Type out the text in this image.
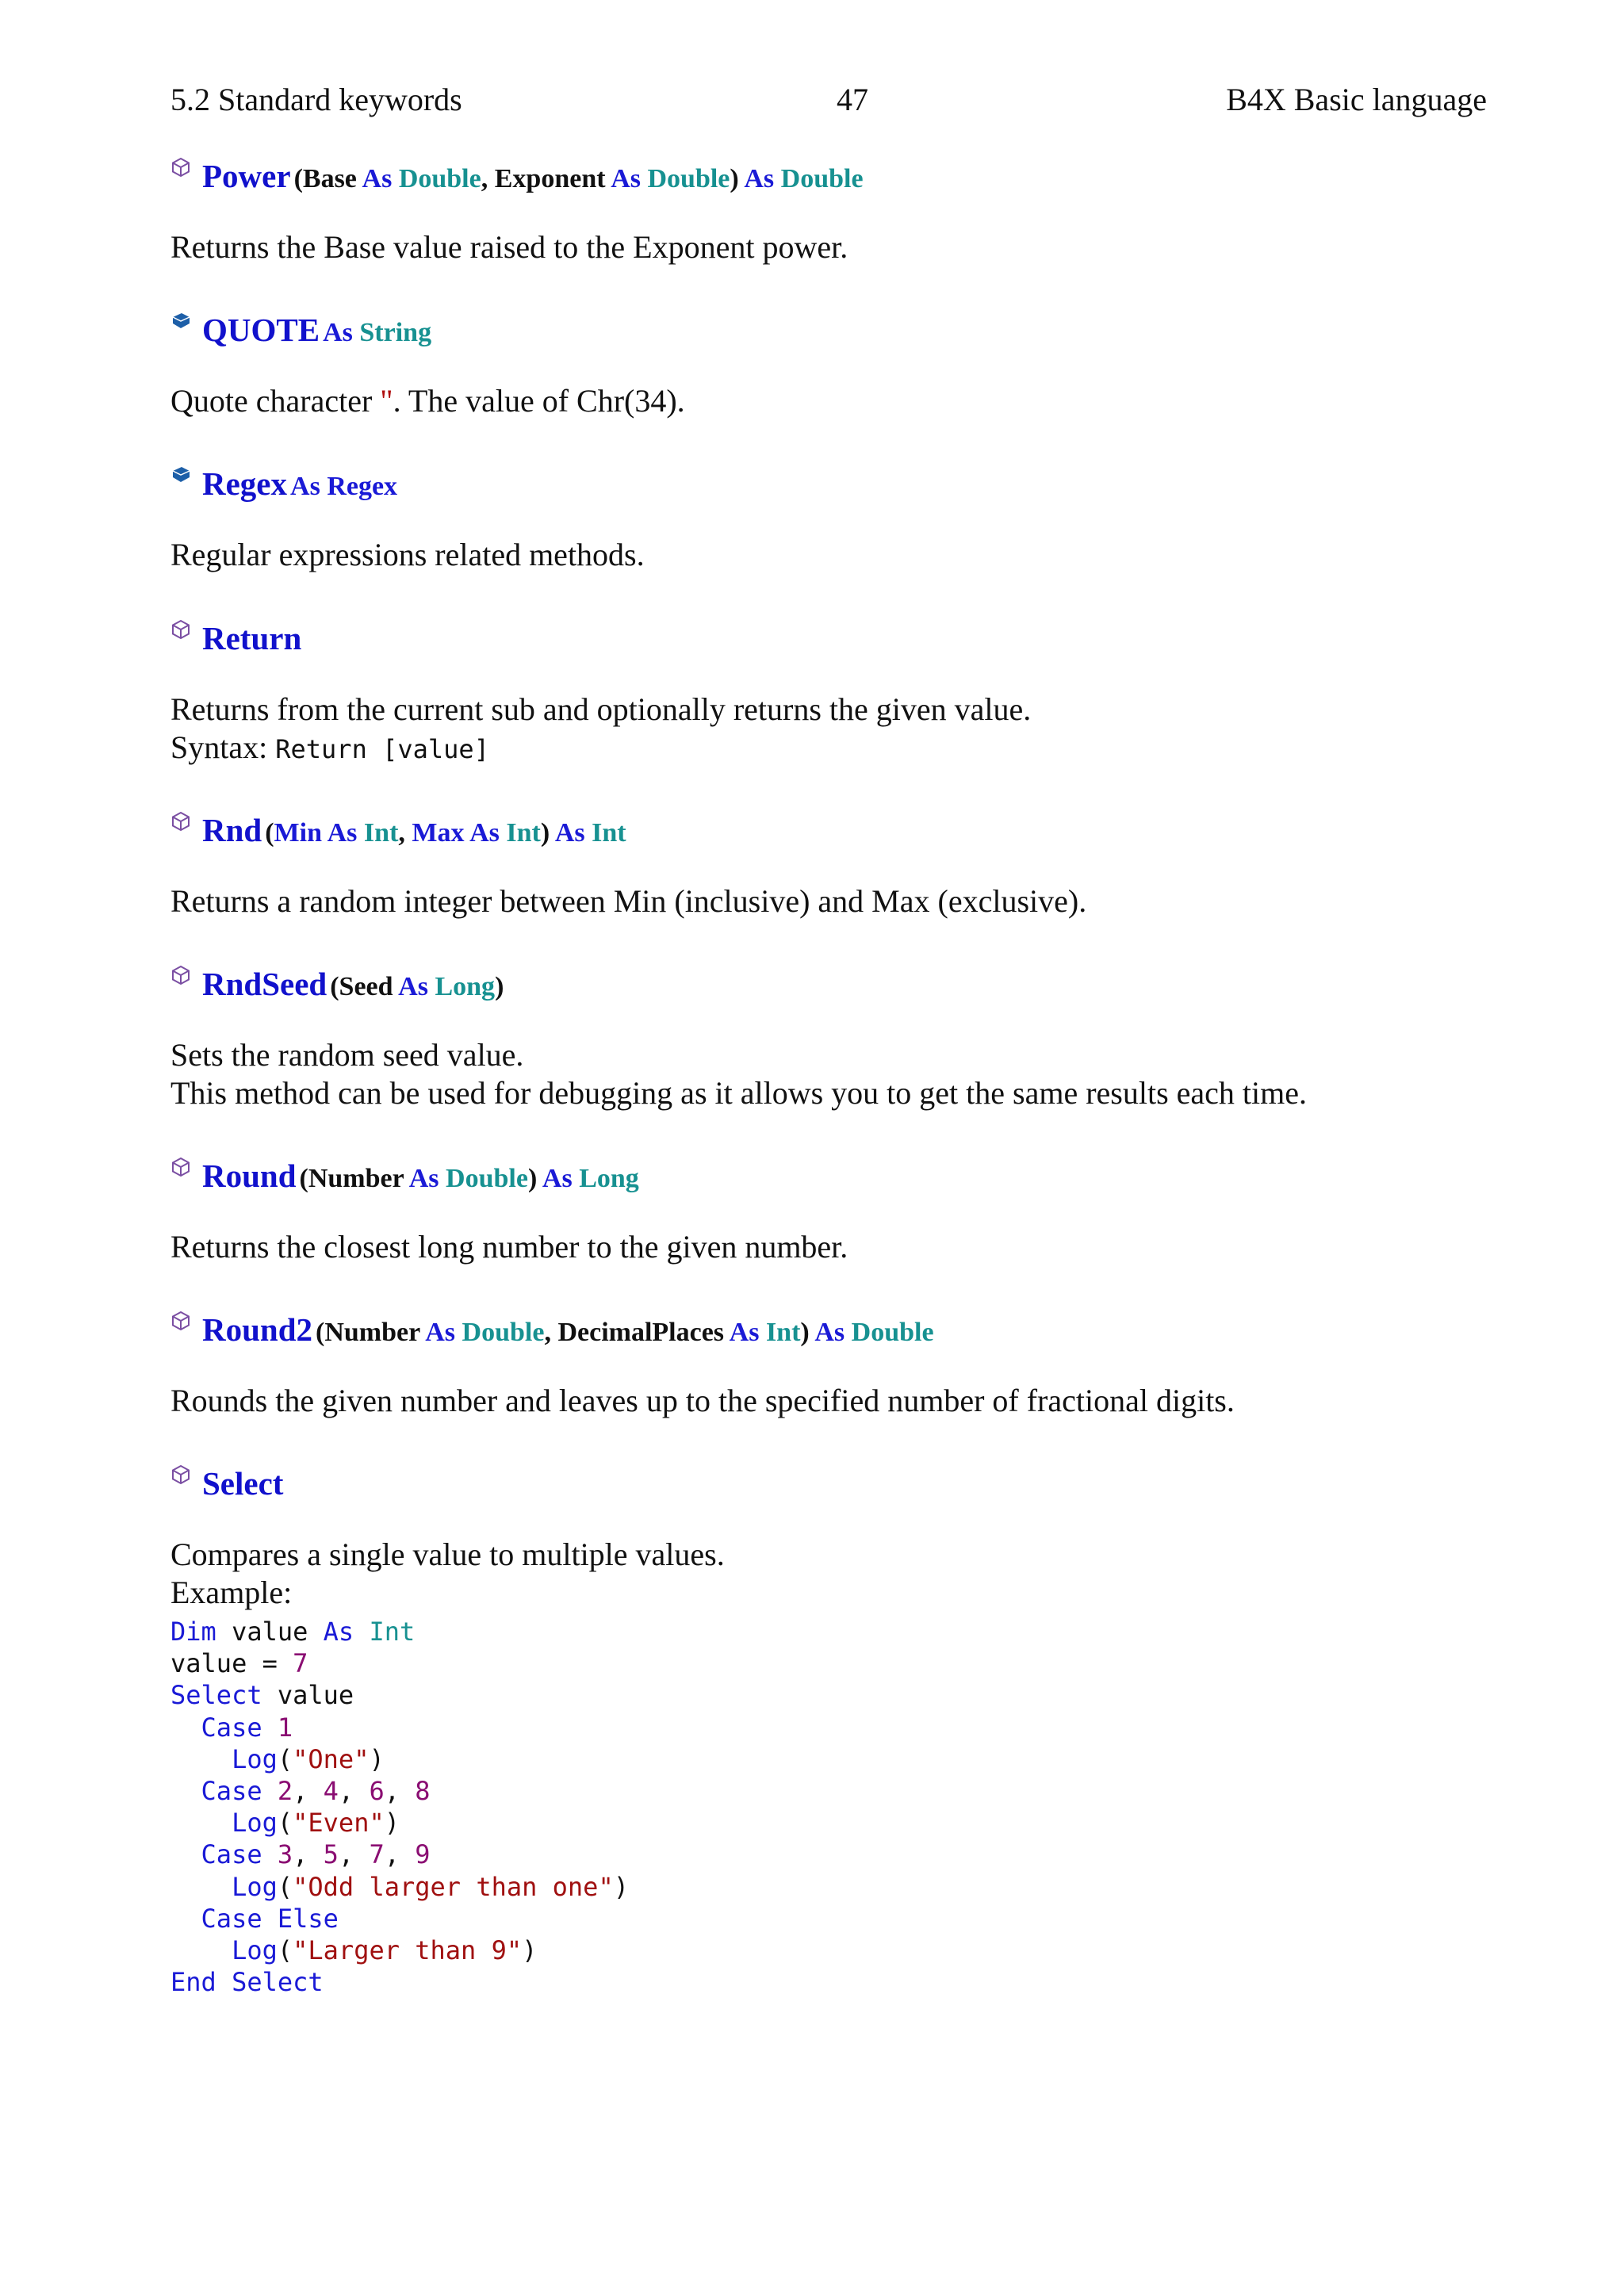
5.2 Standard keywords	47	B4X Basic language
Power (Base As Double, Exponent As Double) As Double
Returns the Base value raised to the Exponent power.
QUOTE As String
Quote character ". The value of Chr(34).
Regex As Regex
Regular expressions related methods.
Return
Returns from the current sub and optionally returns the given value.
Syntax: Return [value]
Rnd (Min As Int, Max As Int) As Int
Returns a random integer between Min (inclusive) and Max (exclusive).
RndSeed (Seed As Long)
Sets the random seed value.
This method can be used for debugging as it allows you to get the same results each time.
Round (Number As Double) As Long
Returns the closest long number to the given number.
Round2 (Number As Double, DecimalPlaces As Int) As Double
Rounds the given number and leaves up to the specified number of fractional digits.
Select
Compares a single value to multiple values.
Example:
Dim value As Int
value = 7
Select value
Case 1
Log("One")
Case 2, 4, 6, 8
Log("Even")
Case 3, 5, 7, 9
Log("Odd larger than one")
Case Else
Log("Larger than 9")
End Select
